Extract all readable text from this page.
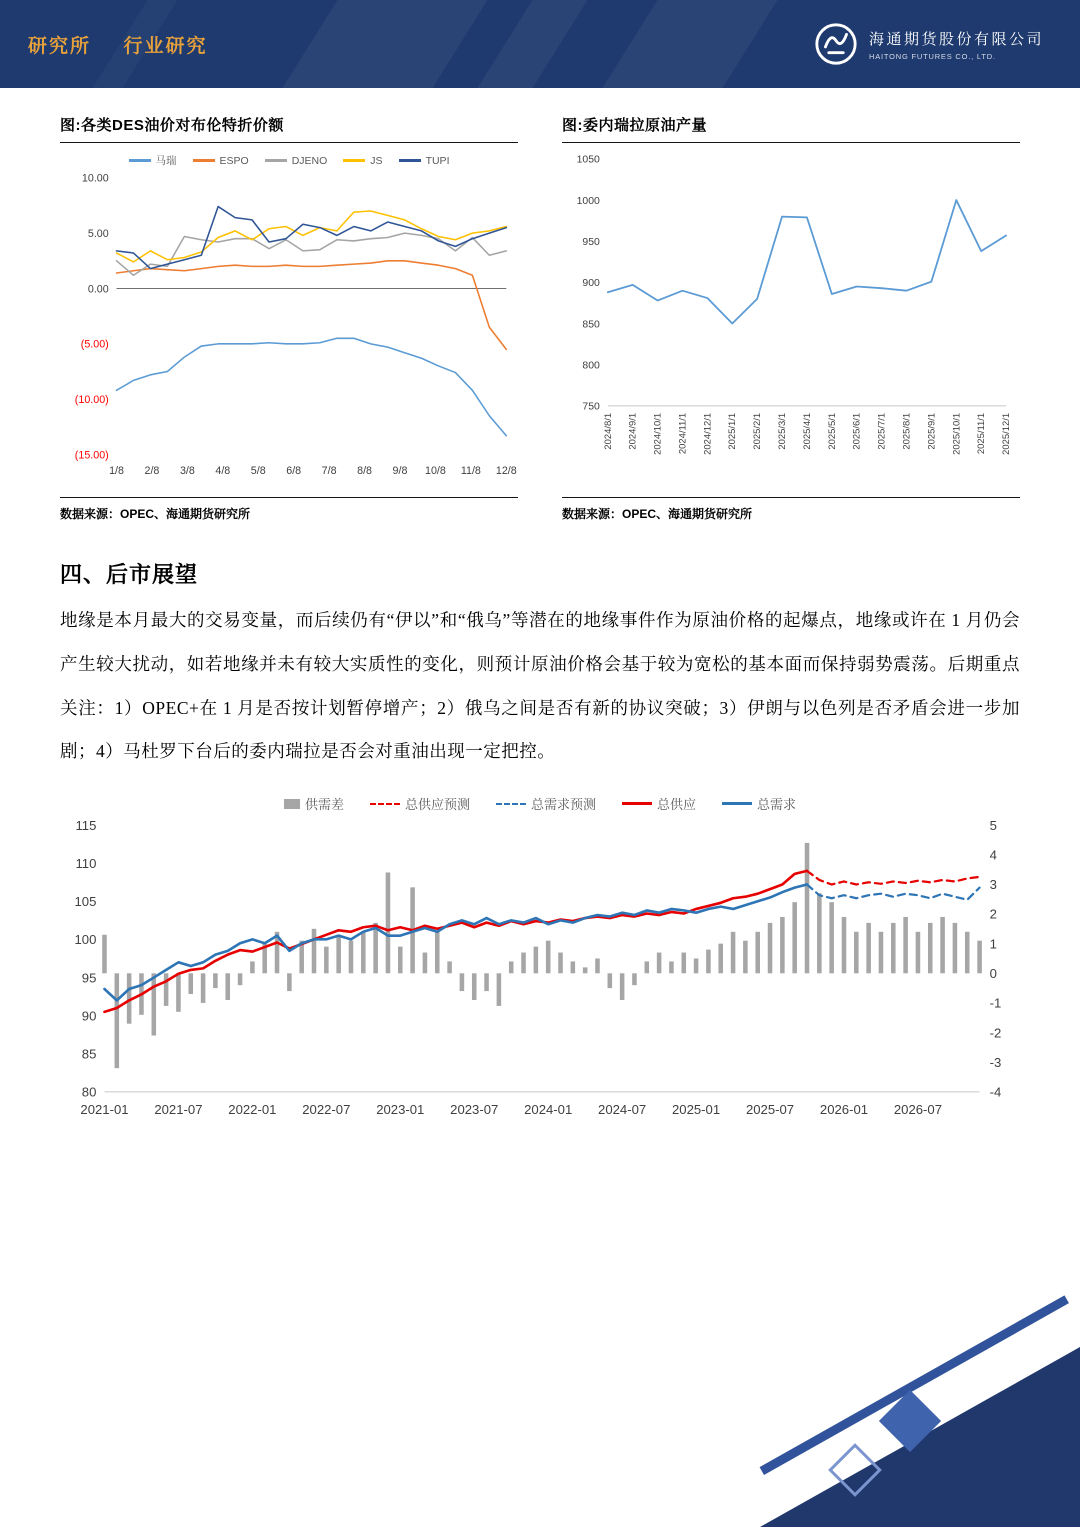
研究所 行业研究	海通期货股份有限公司
HAITONG FUTURES CO., LTD.
图:各类DES油价对布伦特折价额
马瑞	ESPO	DJENO	JS	TUPI
10.00
5.00
0.00
(5.00)
(10.00)
(15.00)
1/8 2/8 3/8 4/8 5/8 6/8 7/8 8/8 9/8 10/8 11/8 12/8
数据来源：OPEC、海通期货研究所
图:委内瑞拉原油产量
1050
1000
950
900
850
800
750
2024/8/1 2024/9/1 2024/10/1 2024/11/1 2024/12/1 2025/1/1 2025/2/1 2025/3/1 2025/4/1 2025/5/1 2025/6/1 2025/7/1 2025/8/1 2025/9/1 2025/10/1 2025/11/1 2025/12/1
数据来源：OPEC、海通期货研究所
四、后市展望

地缘是本月最大的交易变量，而后续仍有“伊以”和“俄乌”等潜在的地缘事件作为原油价格的起爆点，地缘或许在 1 月仍会产生较大扰动，如若地缘并未有较大实质性的变化，则预计原油价格会基于较为宽松的基本面而保持弱势震荡。后期重点关注：1）OPEC+在 1 月是否按计划暂停增产；2）俄乌之间是否有新的协议突破；3）伊朗与以色列是否矛盾会进一步加剧；4）马杜罗下台后的委内瑞拉是否会对重油出现一定把控。

供需差	总供应预测	总需求预测	总供应	总需求
80
85
90
95
100
105
110
115
-4
-3
-2
-1
0
1
2
3
4
5
2021-01 2021-07 2022-01 2022-07 2023-01 2023-07 2024-01 2024-07 2025-01 2025-07 2026-01 2026-07
